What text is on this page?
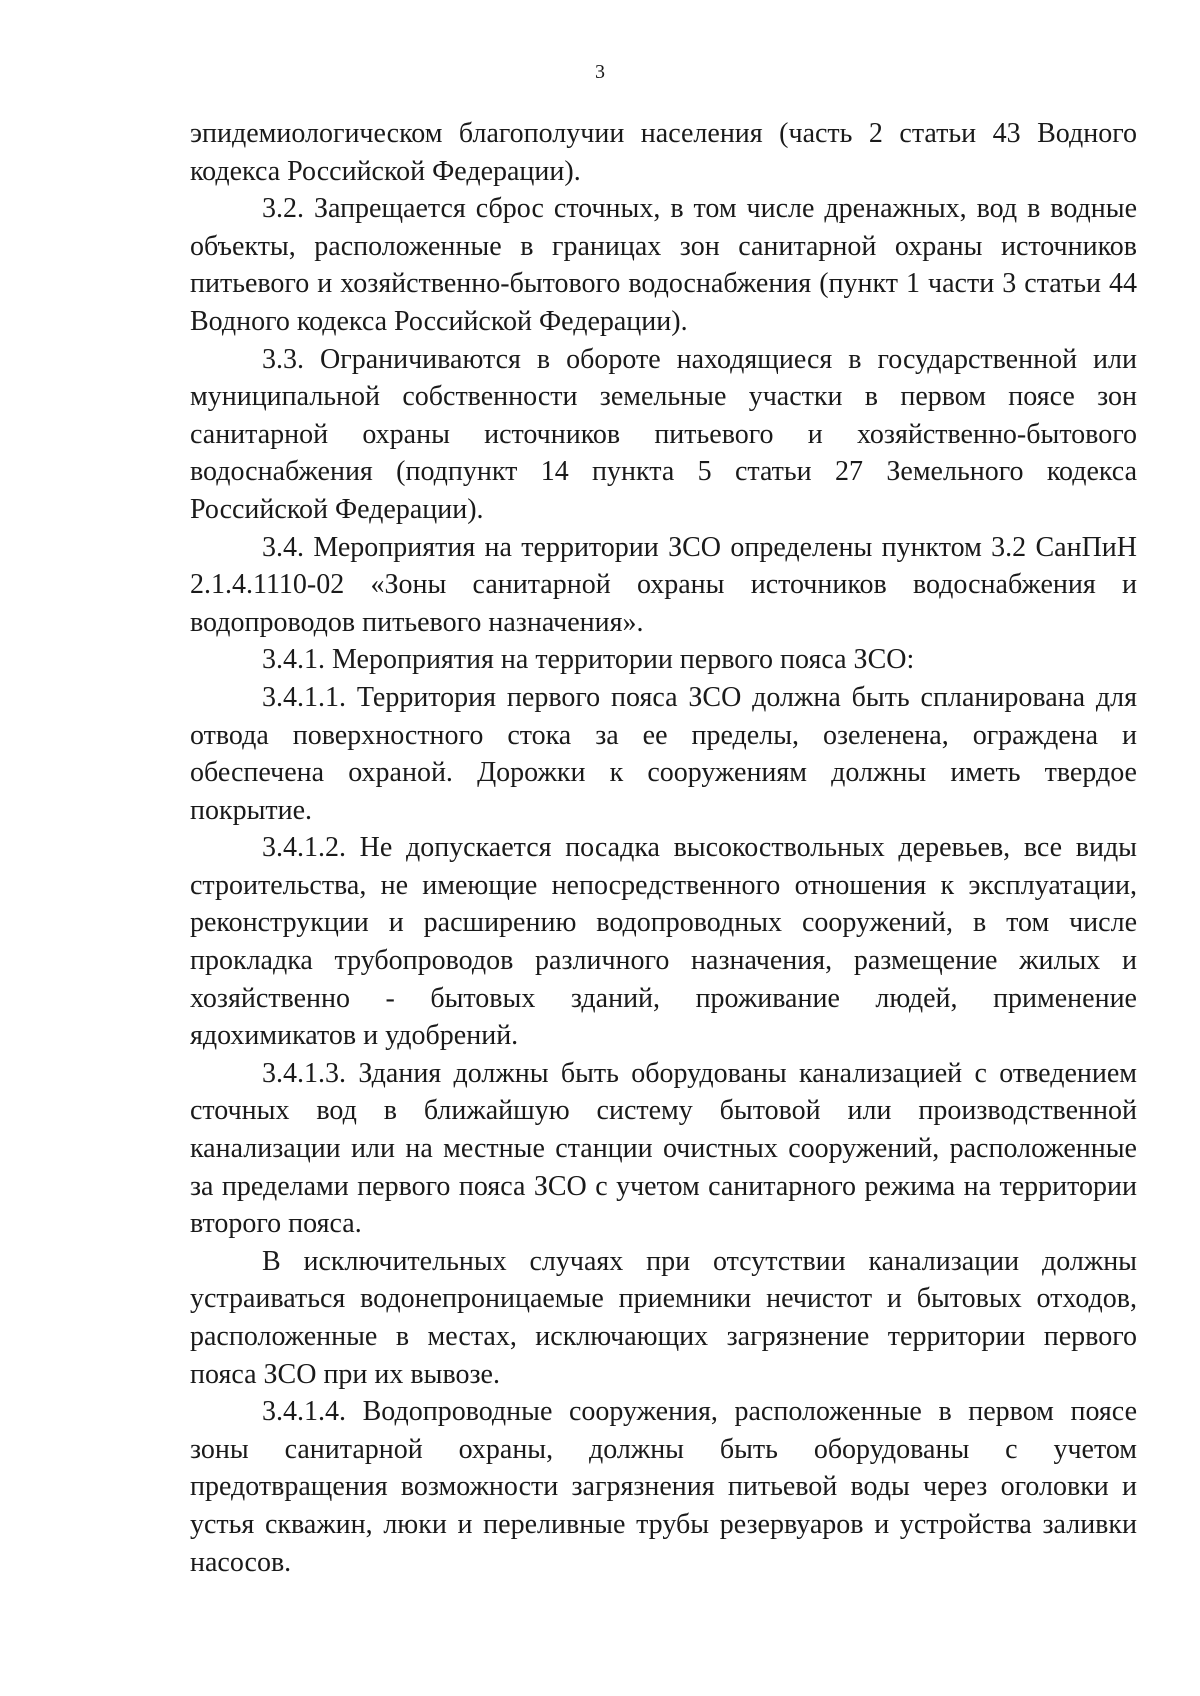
3

эпидемиологическом благополучии населения (часть 2 статьи 43 Водного кодекса Российской Федерации).

3.2. Запрещается сброс сточных, в том числе дренажных, вод в водные объекты, расположенные в границах зон санитарной охраны источников питьевого и хозяйственно-бытового водоснабжения (пункт 1 части 3 статьи 44 Водного кодекса Российской Федерации).

3.3. Ограничиваются в обороте находящиеся в государственной или муниципальной собственности земельные участки в первом поясе зон санитарной охраны источников питьевого и хозяйственно-бытового водоснабжения (подпункт 14 пункта 5 статьи 27 Земельного кодекса Российской Федерации).

3.4. Мероприятия на территории ЗСО определены пунктом 3.2 СанПиН 2.1.4.1110-02 «Зоны санитарной охраны источников водоснабжения и водопроводов питьевого назначения».

3.4.1. Мероприятия на территории первого пояса ЗСО:

3.4.1.1. Территория первого пояса ЗСО должна быть спланирована для отвода поверхностного стока за ее пределы, озеленена, ограждена и обеспечена охраной. Дорожки к сооружениям должны иметь твердое покрытие.

3.4.1.2. Не допускается посадка высокоствольных деревьев, все виды строительства, не имеющие непосредственного отношения к эксплуатации, реконструкции и расширению водопроводных сооружений, в том числе прокладка трубопроводов различного назначения, размещение жилых и хозяйственно - бытовых зданий, проживание людей, применение ядохимикатов и удобрений.

3.4.1.3. Здания должны быть оборудованы канализацией с отведением сточных вод в ближайшую систему бытовой или производственной канализации или на местные станции очистных сооружений, расположенные за пределами первого пояса ЗСО с учетом санитарного режима на территории второго пояса.

В исключительных случаях при отсутствии канализации должны устраиваться водонепроницаемые приемники нечистот и бытовых отходов, расположенные в местах, исключающих загрязнение территории первого пояса ЗСО при их вывозе.

3.4.1.4. Водопроводные сооружения, расположенные в первом поясе зоны санитарной охраны, должны быть оборудованы с учетом предотвращения возможности загрязнения питьевой воды через оголовки и устья скважин, люки и переливные трубы резервуаров и устройства заливки насосов.
